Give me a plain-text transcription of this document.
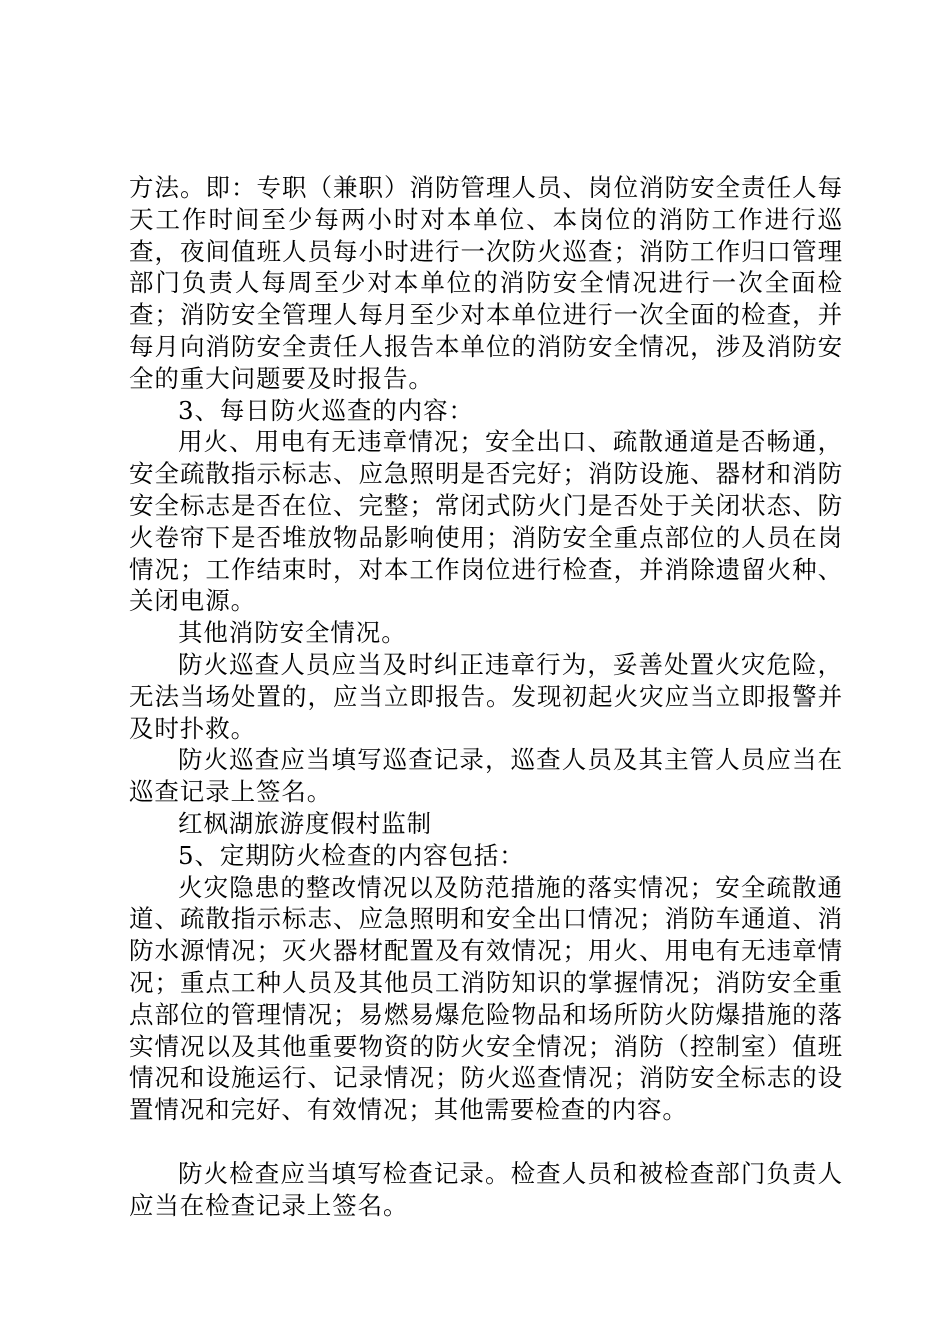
方法。即：专职（兼职）消防管理人员、岗位消防安全责任人每天工作时间至少每两小时对本单位、本岗位的消防工作进行巡查，夜间值班人员每小时进行一次防火巡查；消防工作归口管理部门负责人每周至少对本单位的消防安全情况进行一次全面检查；消防安全管理人每月至少对本单位进行一次全面的检查，并每月向消防安全责任人报告本单位的消防安全情况，涉及消防安全的重大问题要及时报告。

3、每日防火巡查的内容：

用火、用电有无违章情况；安全出口、疏散通道是否畅通，安全疏散指示标志、应急照明是否完好；消防设施、器材和消防安全标志是否在位、完整；常闭式防火门是否处于关闭状态、防火卷帘下是否堆放物品影响使用；消防安全重点部位的人员在岗情况；工作结束时，对本工作岗位进行检查，并消除遗留火种、关闭电源。

其他消防安全情况。

防火巡查人员应当及时纠正违章行为，妥善处置火灾危险，无法当场处置的，应当立即报告。发现初起火灾应当立即报警并及时扑救。

防火巡查应当填写巡查记录，巡查人员及其主管人员应当在巡查记录上签名。

红枫湖旅游度假村监制

5、定期防火检查的内容包括：

火灾隐患的整改情况以及防范措施的落实情况；安全疏散通道、疏散指示标志、应急照明和安全出口情况；消防车通道、消防水源情况；灭火器材配置及有效情况；用火、用电有无违章情况；重点工种人员及其他员工消防知识的掌握情况；消防安全重点部位的管理情况；易燃易爆危险物品和场所防火防爆措施的落实情况以及其他重要物资的防火安全情况；消防（控制室）值班情况和设施运行、记录情况；防火巡查情况；消防安全标志的设置情况和完好、有效情况；其他需要检查的内容。

防火检查应当填写检查记录。检查人员和被检查部门负责人应当在检查记录上签名。
